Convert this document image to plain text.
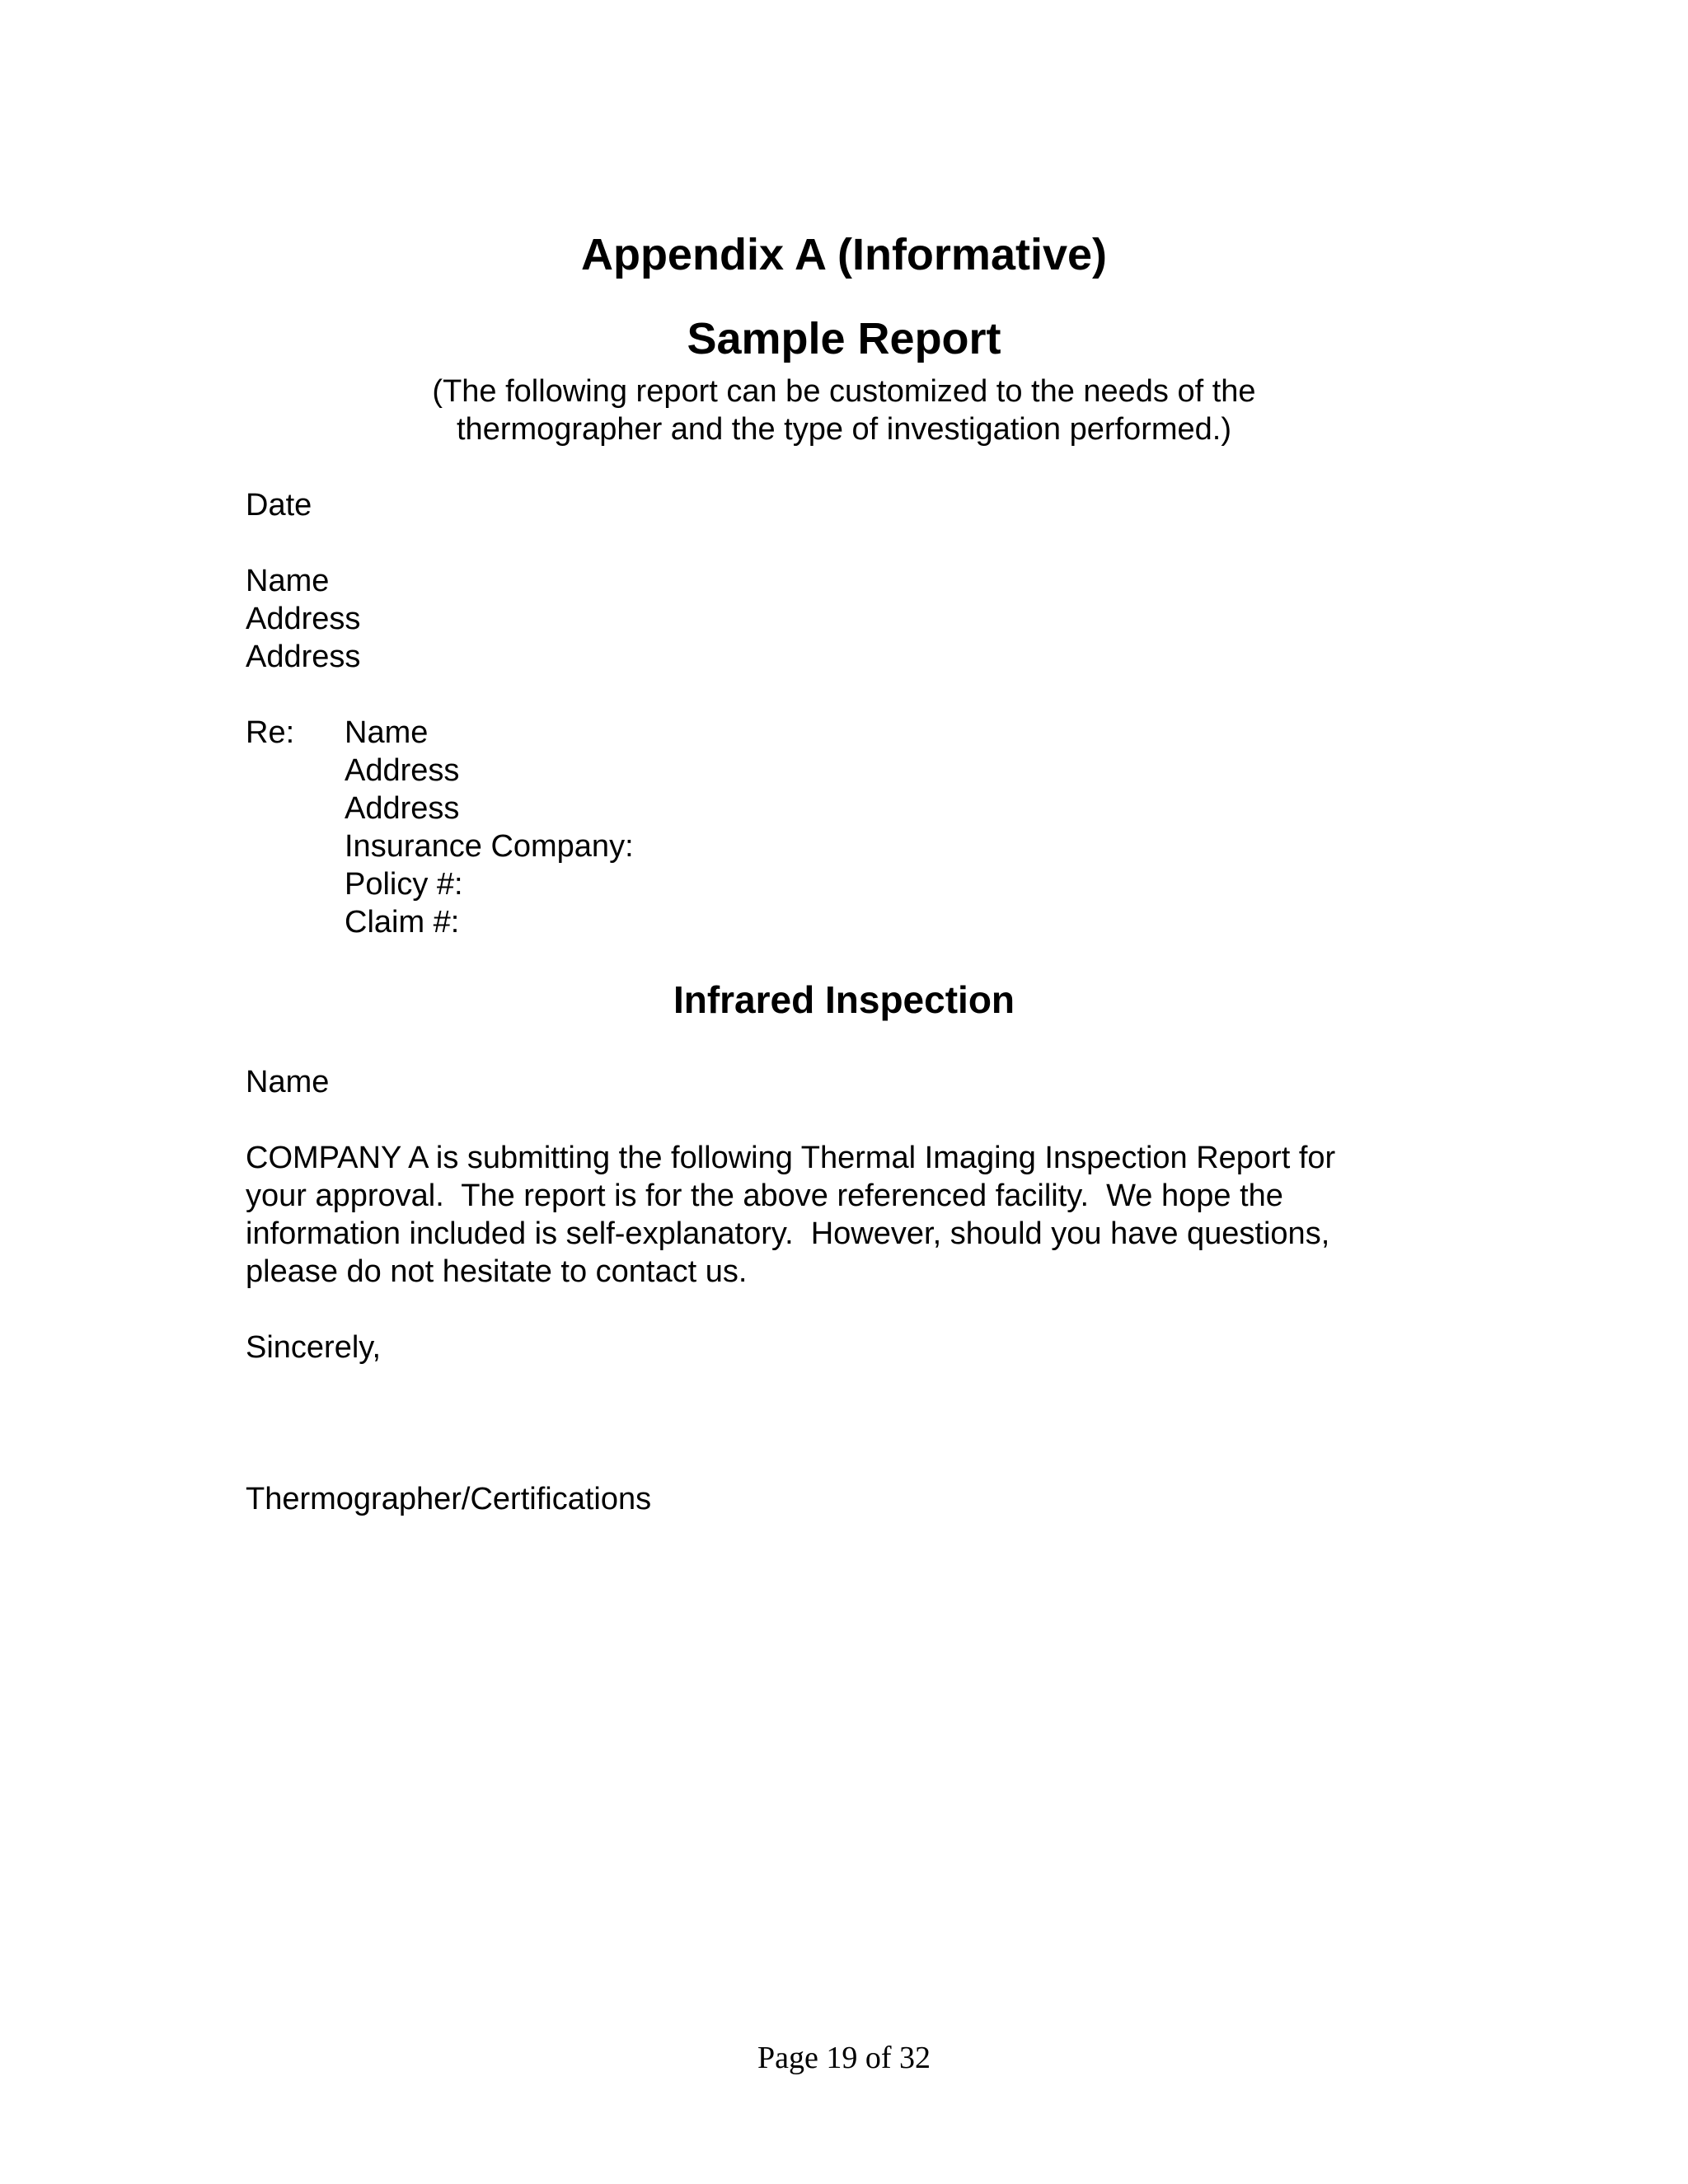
Appendix A (Informative)
Sample Report
(The following report can be customized to the needs of the
thermographer and the type of investigation performed.)
Date
Name
Address
Address
Re: Name
Address
Address
Insurance Company:
Policy #:
Claim #:
Infrared Inspection
Name
COMPANY A is submitting the following Thermal Imaging Inspection Report for
your approval.  The report is for the above referenced facility.  We hope the
information included is self-explanatory.  However, should you have questions,
please do not hesitate to contact us.
Sincerely,
Thermographer/Certifications
Page 19 of 32
